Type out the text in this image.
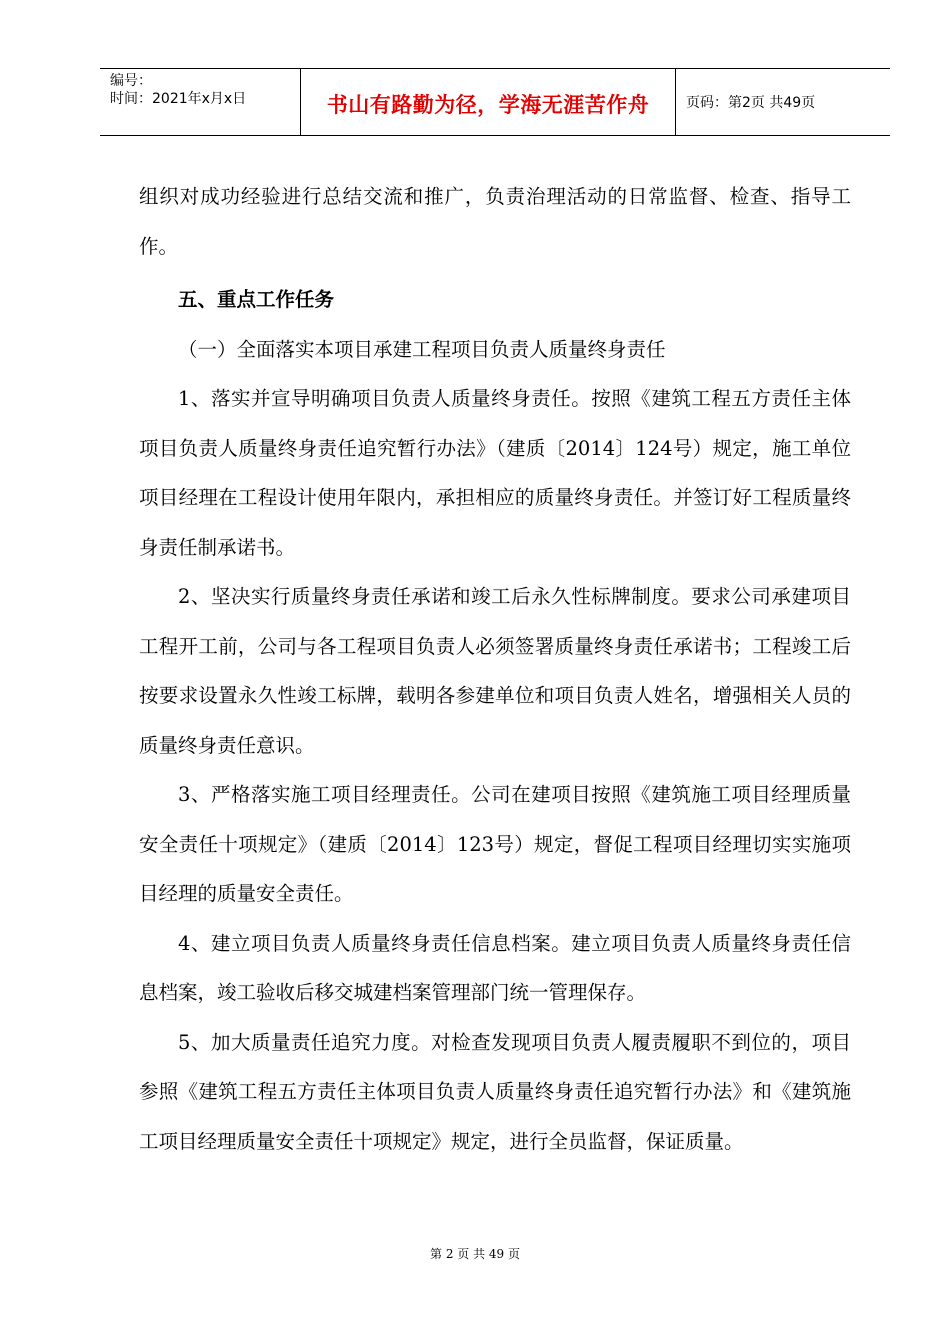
编号：
时间：2021年x月x日	书山有路勤为径，学海无涯苦作舟	页码：第2页 共49页

组织对成功经验进行总结交流和推广，负责治理活动的日常监督、检查、指导工作。

五、重点工作任务

（一）全面落实本项目承建工程项目负责人质量终身责任

1、落实并宣导明确项目负责人质量终身责任。按照《建筑工程五方责任主体项目负责人质量终身责任追究暂行办法》（建质〔2014〕124号）规定，施工单位项目经理在工程设计使用年限内，承担相应的质量终身责任。并签订好工程质量终身责任制承诺书。

2、坚决实行质量终身责任承诺和竣工后永久性标牌制度。要求公司承建项目工程开工前，公司与各工程项目负责人必须签署质量终身责任承诺书；工程竣工后按要求设置永久性竣工标牌，载明各参建单位和项目负责人姓名，增强相关人员的质量终身责任意识。

3、严格落实施工项目经理责任。公司在建项目按照《建筑施工项目经理质量安全责任十项规定》（建质〔2014〕123号）规定，督促工程项目经理切实实施项目经理的质量安全责任。

4、建立项目负责人质量终身责任信息档案。建立项目负责人质量终身责任信息档案，竣工验收后移交城建档案管理部门统一管理保存。

5、加大质量责任追究力度。对检查发现项目负责人履责履职不到位的，项目参照《建筑工程五方责任主体项目负责人质量终身责任追究暂行办法》和《建筑施工项目经理质量安全责任十项规定》规定，进行全员监督，保证质量。

第 2 页 共 49 页
